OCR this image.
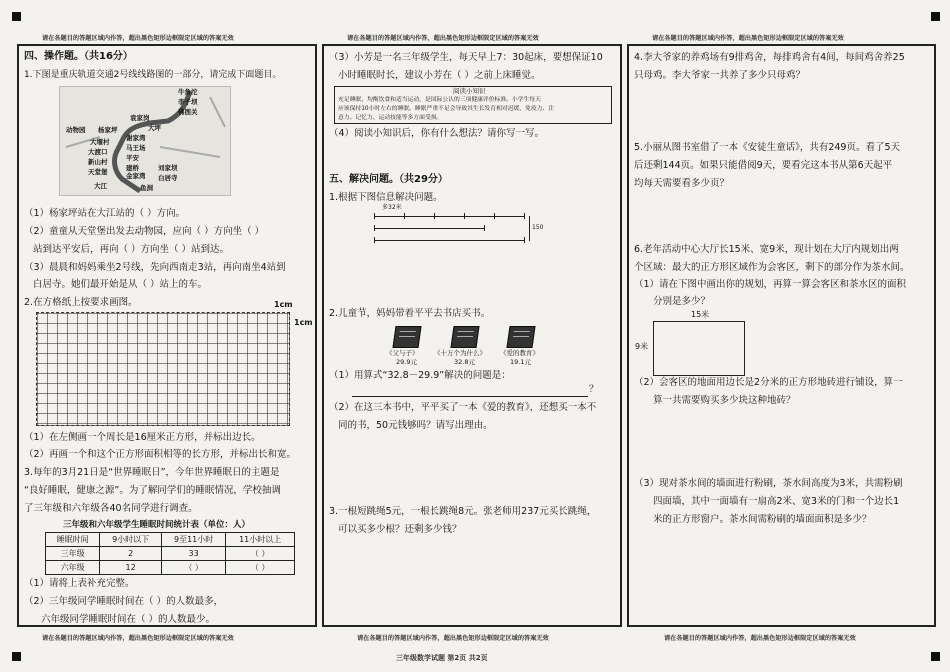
请在各题目的答题区域内作答，超出黑色矩形边框限定区域的答案无效	请在各题目的答题区域内作答，超出黑色矩形边框限定区域的答案无效	请在各题目的答题区域内作答，超出黑色矩形边框限定区域的答案无效
四、操作题。（共16分）
1.下图是重庆轨道交通2号线线路图的一部分，请完成下面题目。
牛角沱
李子坝
佛图关
大坪
袁家岗
谢家湾
杨家坪
动物园
大堰村
马王场
平安
大渡口
新山村
天堂堡	建桥
金家湾
刘家坝
白居寺
大江	鱼洞
（1）杨家坪站在大江站的（ ）方向。
（2）童童从天堂堡出发去动物园，应向（ ）方向坐（ ）
站到达平安后，再向（ ）方向坐（ ）站到达。
（3）晨晨和妈妈乘坐2号线，先向西南走3站，再向南坐4站到
白居寺。她们最开始是从（ ）站上的车。
2.在方格纸上按要求画图。	1cm
1cm
（1）在左侧画一个周长是16厘米正方形，并标出边长。
（2）再画一个和这个正方形面积相等的长方形，并标出长和宽。
3.每年的3月21日是“世界睡眠日”，今年世界睡眠日的主题是
“良好睡眠，健康之源”。为了解同学们的睡眠情况，学校抽调
了三年级和六年级各40名同学进行调查。
三年级和六年级学生睡眠时间统计表（单位：人）
睡眠时间	9小时以下	9至11小时	11小时以上
三年级	2	33	（ ）
六年级	12	（ ）	（ ）
（1）请将上表补充完整。
（2）三年级同学睡眠时间在（ ）的人数最多，
六年级同学睡眠时间在（ ）的人数最少。
（3）小芳是一名三年级学生，每天早上7：30起床，要想保证10
小时睡眠时长，建议小芳在（ ）之前上床睡觉。
阅读小知识
充足睡眠、均衡饮食和适当运动，是国际公认的三项健康评价标准。小学生每天
应该保持10小时左右的睡眠。睡眠严重不足会导致其生长发育相对迟缓，免疫力、注
意力、记忆力、运动技能等多方面受损。
（4）阅读小知识后，你有什么想法？请你写一写。
五、解决问题。（共29分）
1.根据下图信息解决问题。
多32米
150
2.儿童节，妈妈带着平平去书店买书。
《父与子》
29.9元
《十万个为什么》
32.8元
《爱的教育》
19.1元
（1）用算式“32.8－29.9”解决的问题是：
？
（2）在这三本书中，平平买了一本《爱的教育》，还想买一本不
同的书，50元钱够吗？请写出理由。
3.一根短跳绳5元，一根长跳绳8元。张老师用237元买长跳绳，
可以买多少根？还剩多少钱？
4.李大爷家的养鸡场有9排鸡舍，每排鸡舍有4间，每间鸡舍养25
只母鸡。李大爷家一共养了多少只母鸡？
5.小丽从图书室借了一本《安徒生童话》，共有249页。看了5天
后还剩144页。如果只能借阅9天，要看完这本书从第6天起平
均每天需要看多少页？
6.老年活动中心大厅长15米、宽9米，现计划在大厅内规划出两
个区域：最大的正方形区域作为会客区，剩下的部分作为茶水间。
（1）请在下图中画出你的规划，再算一算会客区和茶水区的面积
分别是多少？
15米
9米
（2）会客区的地面用边长是2分米的正方形地砖进行铺设，算一
算一共需要购买多少块这种地砖？
（3）现对茶水间的墙面进行粉刷，茶水间高度为3米，共需粉刷
四面墙，其中一面墙有一扇高2米、宽3米的门和一个边长1
米的正方形窗户。茶水间需粉刷的墙面面积是多少？
请在各题目的答题区域内作答，超出黑色矩形边框限定区域的答案无效	请在各题目的答题区域内作答，超出黑色矩形边框限定区域的答案无效	请在各题目的答题区域内作答，超出黑色矩形边框限定区域的答案无效
三年级数学试题 第2页 共2页
